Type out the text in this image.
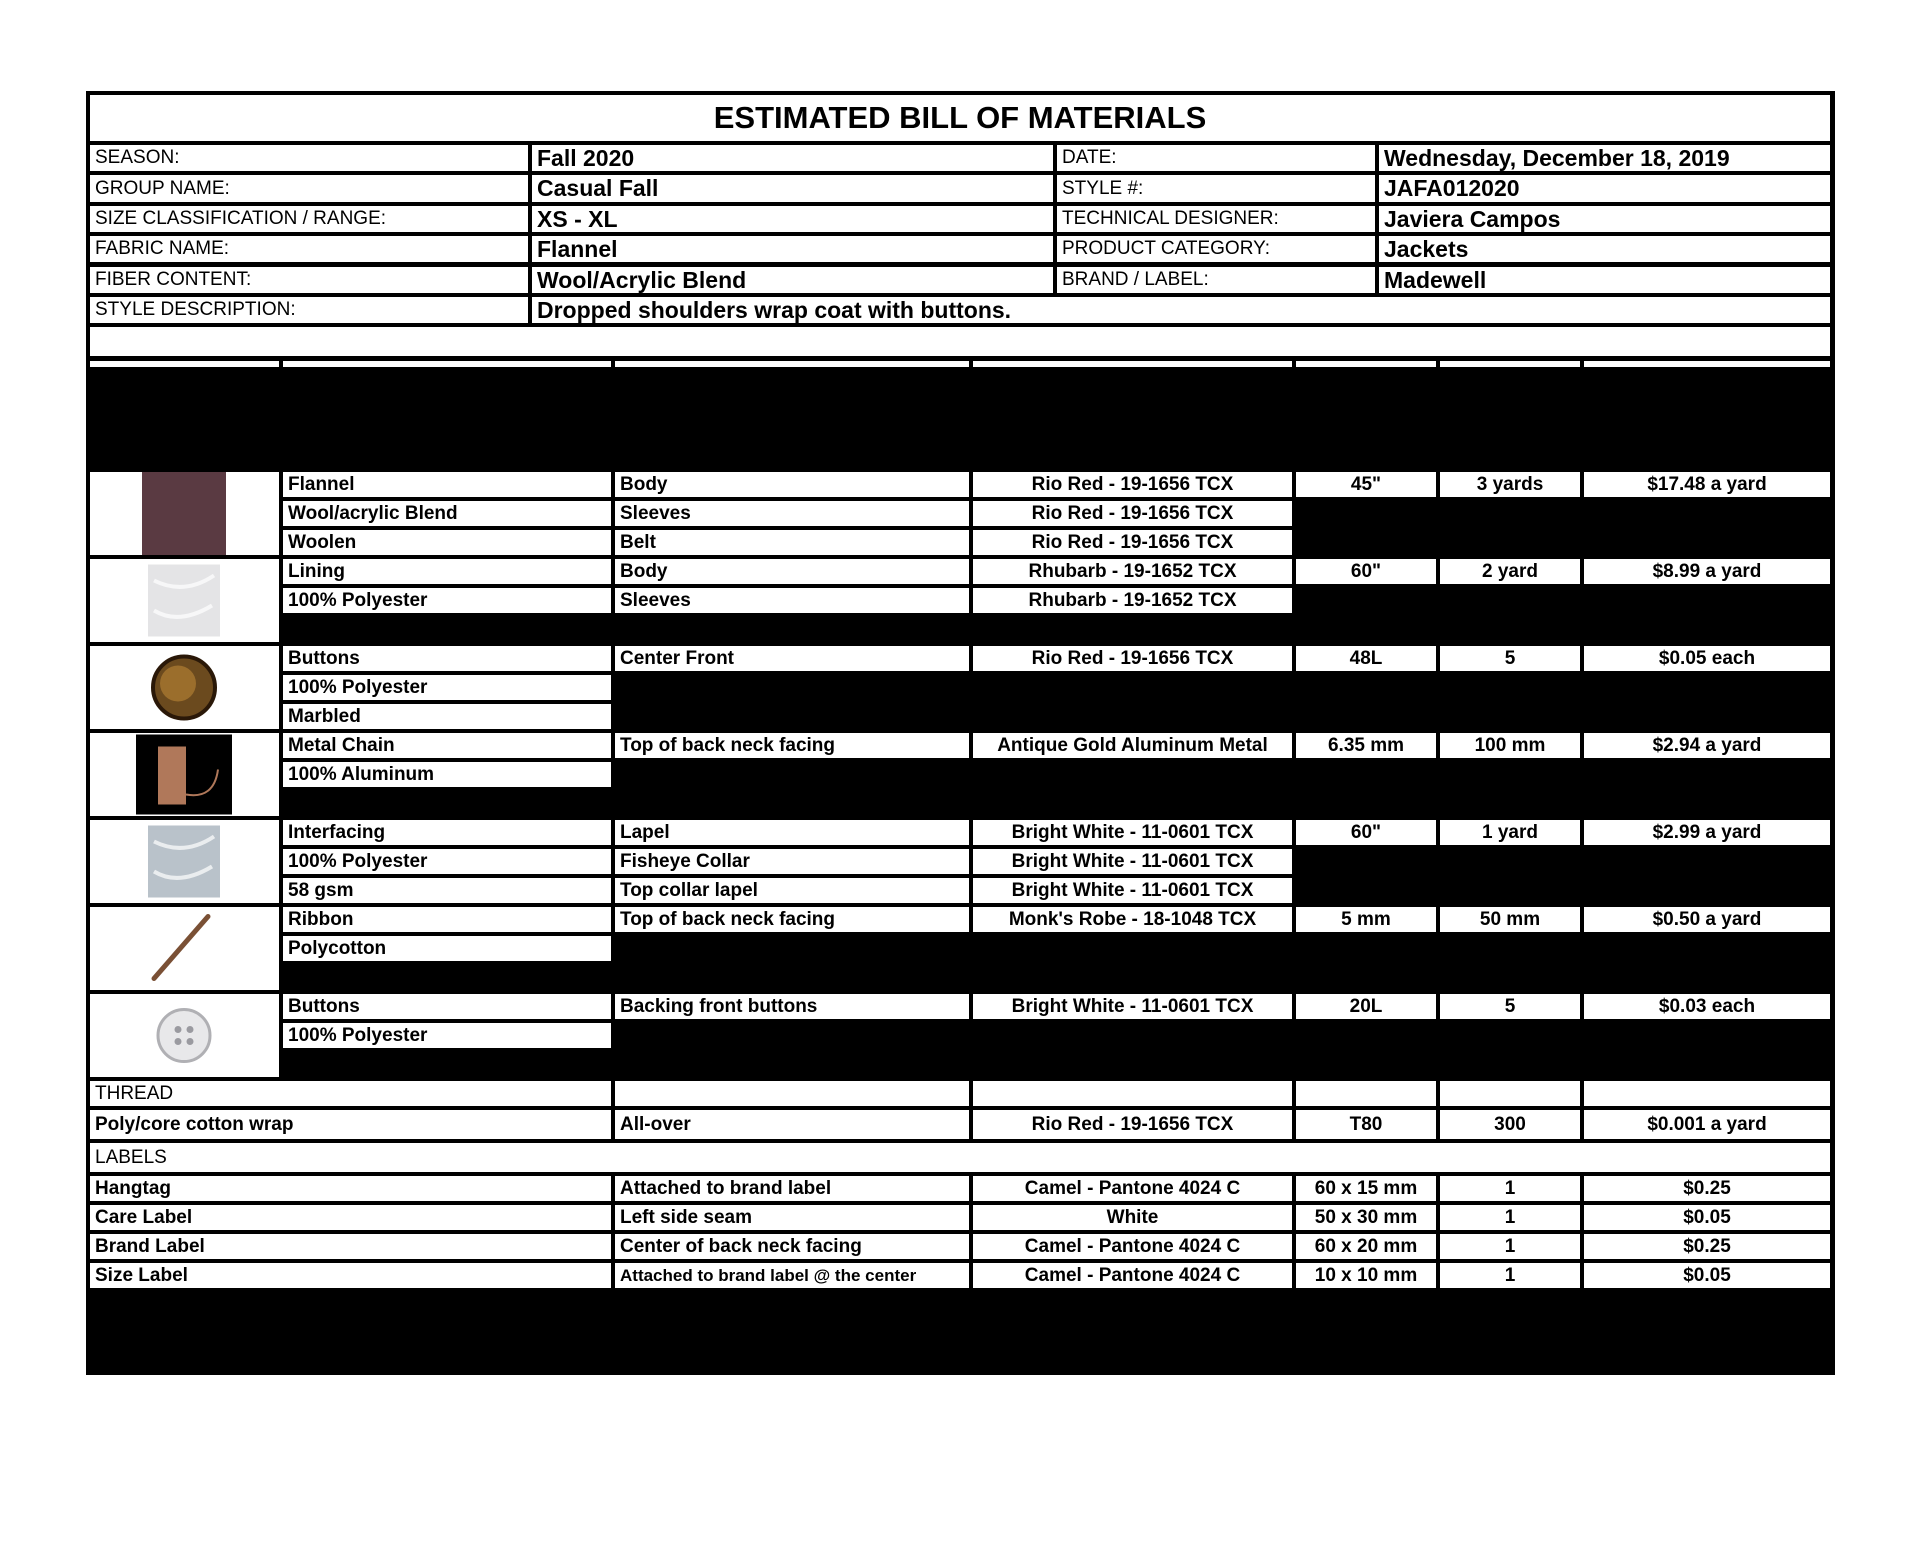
ESTIMATED BILL OF MATERIALS
SEASON:	Fall 2020	DATE:	Wednesday, December 18, 2019
GROUP NAME:	Casual Fall	STYLE #:	JAFA012020
SIZE CLASSIFICATION / RANGE:	XS - XL	TECHNICAL DESIGNER:	Javiera Campos
FABRIC NAME:	Flannel	PRODUCT CATEGORY:	Jackets
FIBER CONTENT:	Wool/Acrylic Blend	BRAND / LABEL:	Madewell
STYLE DESCRIPTION:	Dropped shoulders wrap coat with buttons.
Flannel	Body	Rio Red - 19-1656 TCX	45"	3 yards	$17.48 a yard
Wool/acrylic Blend	Sleeves	Rio Red - 19-1656 TCX
Woolen	Belt	Rio Red - 19-1656 TCX
Lining	Body	Rhubarb - 19-1652 TCX	60"	2 yard	$8.99 a yard
100% Polyester	Sleeves	Rhubarb - 19-1652 TCX
Buttons	Center Front	Rio Red - 19-1656 TCX	48L	5	$0.05 each
100% Polyester
Marbled
Metal Chain	Top of back neck facing	Antique Gold Aluminum Metal	6.35 mm	100 mm	$2.94 a yard
100% Aluminum
Interfacing	Lapel	Bright White - 11-0601 TCX	60"	1 yard	$2.99 a yard
100% Polyester	Fisheye Collar	Bright White - 11-0601 TCX
58 gsm	Top collar lapel	Bright White - 11-0601 TCX
Ribbon	Top of back neck facing	Monk's Robe - 18-1048 TCX	5 mm	50 mm	$0.50 a yard
Polycotton
Buttons	Backing front buttons	Bright White - 11-0601 TCX	20L	5	$0.03 each
100% Polyester
THREAD
Poly/core cotton wrap	All-over	Rio Red - 19-1656 TCX	T80	300	$0.001 a yard
LABELS
Hangtag	Attached to brand label	Camel - Pantone 4024 C	60 x 15 mm	1	$0.25
Care Label	Left side seam	White	50 x 30 mm	1	$0.05
Brand Label	Center of back neck facing	Camel - Pantone 4024 C	60 x 20 mm	1	$0.25
Size Label	Attached to brand label @ the center	Camel - Pantone 4024 C	10 x 10 mm	1	$0.05
